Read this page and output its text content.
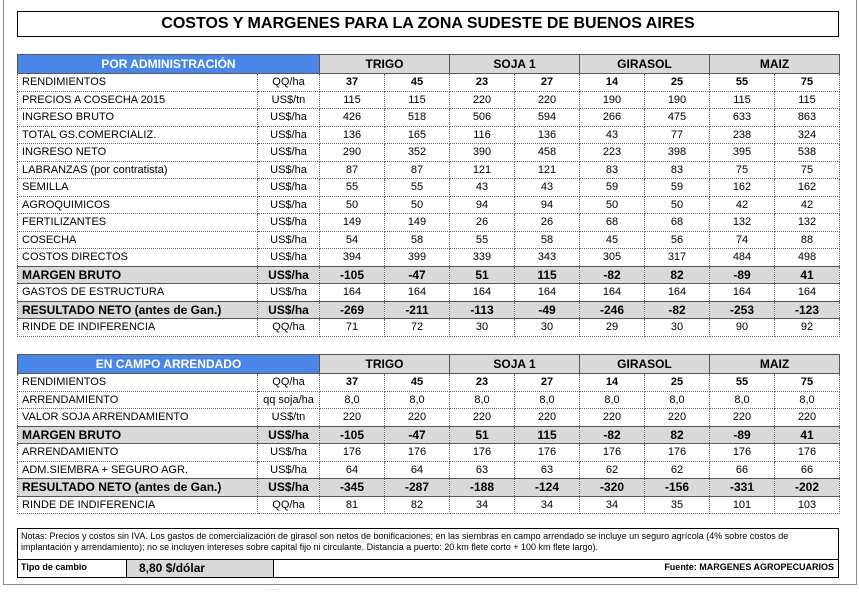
COSTOS Y MARGENES PARA LA ZONA SUDESTE DE BUENOS AIRES
POR ADMINISTRACIÓN		TRIGO		SOJA 1		GIRASOL		MAIZ	
RENDIMIENTOS	QQ/ha	37	45	23	27	14	25	55	75
PRECIOS A COSECHA 2015	US$/tn	115	115	220	220	190	190	115	115
INGRESO BRUTO	US$/ha	426	518	506	594	266	475	633	863
TOTAL GS.COMERCIALIZ.	US$/ha	136	165	116	136	43	77	238	324
INGRESO NETO	US$/ha	290	352	390	458	223	398	395	538
LABRANZAS (por contratista)	US$/ha	87	87	121	121	83	83	75	75
SEMILLA	US$/ha	55	55	43	43	59	59	162	162
AGROQUIMICOS	US$/ha	50	50	94	94	50	50	42	42
FERTILIZANTES	US$/ha	149	149	26	26	68	68	132	132
COSECHA	US$/ha	54	58	55	58	45	56	74	88
COSTOS DIRECTOS	US$/ha	394	399	339	343	305	317	484	498
MARGEN BRUTO	US$/ha	-105	-47	51	115	-82	82	-89	41
GASTOS DE ESTRUCTURA	US$/ha	164	164	164	164	164	164	164	164
RESULTADO NETO (antes de Gan.)	US$/ha	-269	-211	-113	-49	-246	-82	-253	-123
RINDE DE INDIFERENCIA	QQ/ha	71	72	30	30	29	30	90	92
EN CAMPO ARRENDADO		TRIGO		SOJA 1		GIRASOL		MAIZ	
RENDIMIENTOS	QQ/ha	37	45	23	27	14	25	55	75
ARRENDAMIENTO	qq soja/ha	8,0	8,0	8,0	8,0	8,0	8,0	8,0	8,0
VALOR SOJA ARRENDAMIENTO	US$/tn	220	220	220	220	220	220	220	220
MARGEN BRUTO	US$/ha	-105	-47	51	115	-82	82	-89	41
ARRENDAMIENTO	US$/ha	176	176	176	176	176	176	176	176
ADM.SIEMBRA + SEGURO AGR.	US$/ha	64	64	63	63	62	62	66	66
RESULTADO NETO (antes de Gan.)	US$/ha	-345	-287	-188	-124	-320	-156	-331	-202
RINDE DE INDIFERENCIA	QQ/ha	81	82	34	34	34	35	101	103
Notas: Precios y costos sin IVA. Los gastos de comercialización de girasol son netos de bonificaciones; en las siembras en campo arrendado se incluye un seguro agrícola (4% sobre costos de implantación y arrendamiento); no se incluyen intereses sobre capital fijo ni circulante. Distancia a puerto: 20 km flete corto + 100 km flete largo).
Tipo de cambio	8,80 $/dólar	Fuente: MARGENES AGROPECUARIOS
...
